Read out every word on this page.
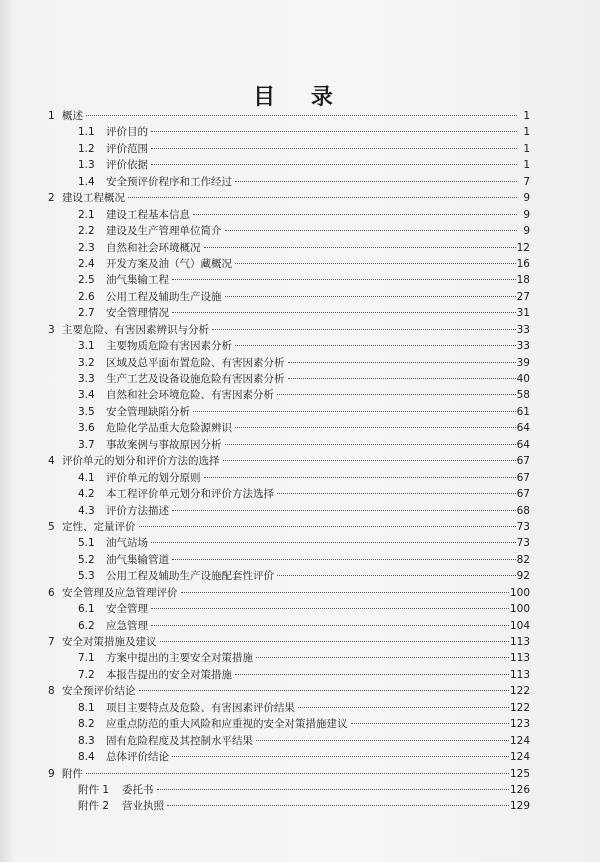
目 录
1 概述	1
1.1	评价目的	1
1.2	评价范围	1
1.3	评价依据	1
1.4	安全预评价程序和工作经过	7
2 建设工程概况	9
2.1	建设工程基本信息	9
2.2	建设及生产管理单位简介	9
2.3	自然和社会环境概况	12
2.4	开发方案及油（气）藏概况	16
2.5	油气集输工程	18
2.6	公用工程及辅助生产设施	27
2.7	安全管理情况	31
3 主要危险、有害因素辨识与分析	33
3.1	主要物质危险有害因素分析	33
3.2	区域及总平面布置危险、有害因素分析	39
3.3	生产工艺及设备设施危险有害因素分析	40
3.4	自然和社会环境危险、有害因素分析	58
3.5	安全管理缺陷分析	61
3.6	危险化学品重大危险源辨识	64
3.7	事故案例与事故原因分析	64
4 评价单元的划分和评价方法的选择	67
4.1	评价单元的划分原则	67
4.2	本工程评价单元划分和评价方法选择	67
4.3	评价方法描述	68
5 定性、定量评价	73
5.1	油气站场	73
5.2	油气集输管道	82
5.3	公用工程及辅助生产设施配套性评价	92
6 安全管理及应急管理评价	100
6.1	安全管理	100
6.2	应急管理	104
7 安全对策措施及建议	113
7.1	方案中提出的主要安全对策措施	113
7.2	本报告提出的安全对策措施	113
8 安全预评价结论	122
8.1	项目主要特点及危险、有害因素评价结果	122
8.2	应重点防范的重大风险和应重视的安全对策措施建议	123
8.3	固有危险程度及其控制水平结果	124
8.4	总体评价结论	124
9 附件	125
附件 1	委托书	126
附件 2	营业执照	129
